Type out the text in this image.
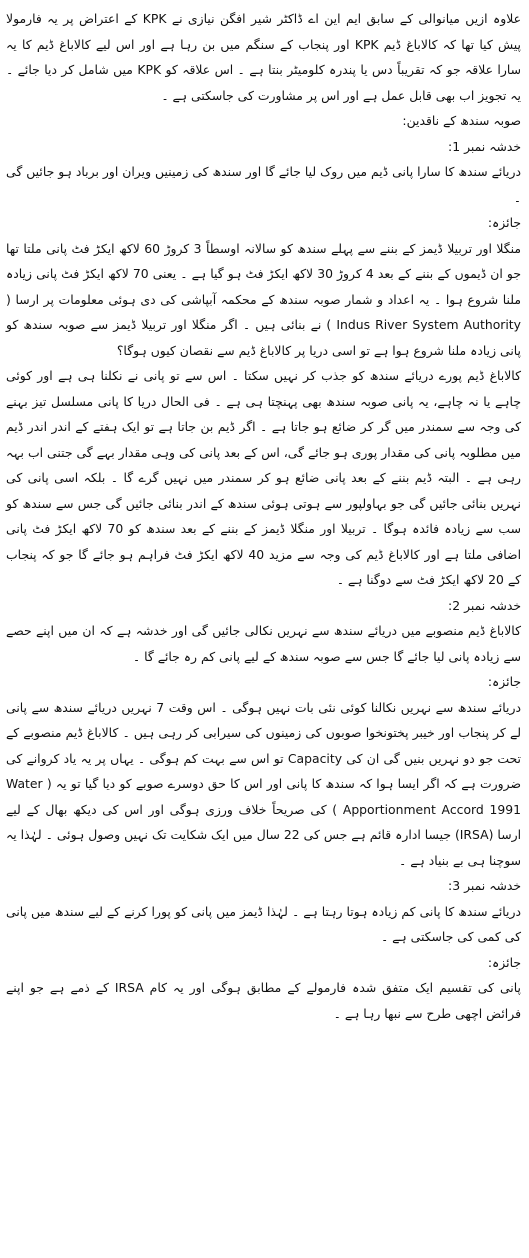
علاوہ ازیں میانوالی کے سابق ایم این اے ڈاکٹر شیر افگن نیازی نے KPK کے اعتراض پر یہ فارمولا پیش کیا تھا کہ کالاباغ ڈیم KPK اور پنجاب کے سنگم میں بن رہا ہے اور اس لیے کالاباغ ڈیم کا یہ سارا علاقہ جو کہ تقریباً دس یا پندرہ کلومیٹر بنتا ہے ۔ اس علاقہ کو KPK میں شامل کر دیا جائے ۔ یہ تجویز اب بھی قابل عمل ہے اور اس پر مشاورت کی جاسکتی ہے ۔

صوبہ سندھ کے ناقدین:

خدشہ نمبر 1:

دریائے سندھ کا سارا پانی ڈیم میں روک لیا جائے گا اور سندھ کی زمینیں ویران اور برباد ہو جائیں گی ۔

جائزہ:

منگلا اور تربیلا ڈیمز کے بننے سے پہلے سندھ کو سالانہ اوسطاً 3 کروڑ 60 لاکھ ایکڑ فٹ پانی ملتا تھا جو ان ڈیموں کے بننے کے بعد 4 کروڑ 30 لاکھ ایکڑ فٹ ہو گیا ہے ۔ یعنی 70 لاکھ ایکڑ فٹ پانی زیادہ ملنا شروع ہوا ۔ یہ اعداد و شمار صوبہ سندھ کے محکمہ آبپاشی کی دی ہوئی معلومات پر ارسا ( Indus River System Authority ) نے بنائی ہیں ۔ اگر منگلا اور تربیلا ڈیمز سے صوبہ سندھ کو پانی زیادہ ملنا شروع ہوا ہے تو اسی دریا پر کالاباغ ڈیم سے نقصان کیوں ہوگا؟

کالاباغ ڈیم پورے دریائے سندھ کو جذب کر نہیں سکتا ۔ اس سے تو پانی نے نکلنا ہی ہے اور کوئی چاہے یا نہ چاہے، یہ پانی صوبہ سندھ بھی پہنچتا ہی ہے ۔ فی الحال دریا کا پانی مسلسل تیز بہنے کی وجہ سے سمندر میں گر کر ضائع ہو جاتا ہے ۔ اگر ڈیم بن جاتا ہے تو ایک ہفتے کے اندر اندر ڈیم میں مطلوبہ پانی کی مقدار پوری ہو جائے گی، اس کے بعد پانی کی وہی مقدار بہے گی جتنی اب بہہ رہی ہے ۔ البتہ ڈیم بننے کے بعد پانی ضائع ہو کر سمندر میں نہیں گرے گا ۔ بلکہ اسی پانی کی نہریں بنائی جائیں گی جو بہاولپور سے ہوتی ہوئی سندھ کے اندر بنائی جائیں گی جس سے سندھ کو سب سے زیادہ فائدہ ہوگا ۔ تربیلا اور منگلا ڈیمز کے بننے کے بعد سندھ کو 70 لاکھ ایکڑ فٹ پانی اضافی ملتا ہے اور کالاباغ ڈیم کی وجہ سے مزید 40 لاکھ ایکڑ فٹ فراہم ہو جائے گا جو کہ پنجاب کے 20 لاکھ ایکڑ فٹ سے دوگنا ہے ۔

خدشہ نمبر 2:

کالاباغ ڈیم منصوبے میں دریائے سندھ سے نہریں نکالی جائیں گی اور خدشہ ہے کہ ان میں اپنے حصے سے زیادہ پانی لیا جائے گا جس سے صوبہ سندھ کے لیے پانی کم رہ جائے گا ۔

جائزہ:

دریائے سندھ سے نہریں نکالنا کوئی نئی بات نہیں ہوگی ۔ اس وقت 7 نہریں دریائے سندھ سے پانی لے کر پنجاب اور خیبر پختونخوا صوبوں کی زمینوں کی سیرابی کر رہی ہیں ۔ کالاباغ ڈیم منصوبے کے تحت جو دو نہریں بنیں گی ان کی Capacity تو اس سے بہت کم ہوگی ۔ یہاں پر یہ یاد کروانے کی ضرورت ہے کہ اگر ایسا ہوا کہ سندھ کا پانی اور اس کا حق دوسرے صوبے کو دیا گیا تو یہ ( Water Apportionment Accord 1991 ) کی صریحاً خلاف ورزی ہوگی اور اس کی دیکھ بھال کے لیے ارسا (IRSA) جیسا ادارہ قائم ہے جس کی 22 سال میں ایک شکایت تک نہیں وصول ہوئی ۔ لہٰذا یہ سوچنا ہی بے بنیاد ہے ۔

خدشہ نمبر 3:

دریائے سندھ کا پانی کم زیادہ ہوتا رہتا ہے ۔ لہٰذا ڈیمز میں پانی کو پورا کرنے کے لیے سندھ میں پانی کی کمی کی جاسکتی ہے ۔

جائزہ:

پانی کی تقسیم ایک متفق شدہ فارمولے کے مطابق ہوگی اور یہ کام IRSA کے ذمے ہے جو اپنے فرائض اچھی طرح سے نبھا رہا ہے ۔
